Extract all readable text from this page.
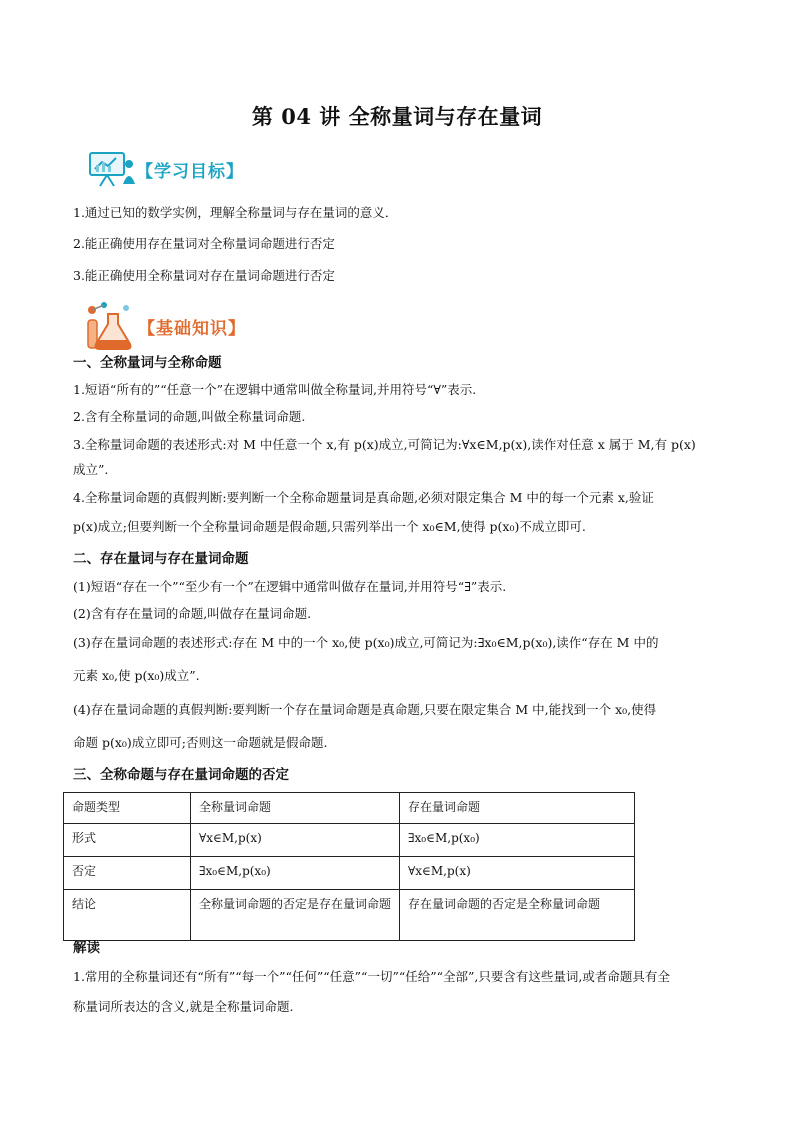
第 04 讲 全称量词与存在量词
【学习目标】
1.通过已知的数学实例，理解全称量词与存在量词的意义．
2.能正确使用存在量词对全称量词命题进行否定
3.能正确使用全称量词对存在量词命题进行否定
【基础知识】
一、全称量词与全称命题
1.短语“所有的”“任意一个”在逻辑中通常叫做全称量词,并用符号“∀”表示.
2.含有全称量词的命题,叫做全称量词命题.
3.全称量词命题的表述形式:对 M 中任意一个 x,有 p(x)成立,可简记为:∀x∈M,p(x),读作对任意 x 属于 M,有 p(x)
成立”.
4.全称量词命题的真假判断:要判断一个全称命题量词是真命题,必须对限定集合 M 中的每一个元素 x,验证
p(x)成立;但要判断一个全称量词命题是假命题,只需列举出一个 x₀∈M,使得 p(x₀)不成立即可.
二、存在量词与存在量词命题
(1)短语“存在一个”“至少有一个”在逻辑中通常叫做存在量词,并用符号“∃”表示.
(2)含有存在量词的命题,叫做存在量词命题.
(3)存在量词命题的表述形式:存在 M 中的一个 x₀,使 p(x₀)成立,可简记为:∃x₀∈M,p(x₀),读作“存在 M 中的
元素 x₀,使 p(x₀)成立”.
(4)存在量词命题的真假判断:要判断一个存在量词命题是真命题,只要在限定集合 M 中,能找到一个 x₀,使得
命题 p(x₀)成立即可;否则这一命题就是假命题.
三、全称命题与存在量词命题的否定
命题类型	全称量词命题	存在量词命题
形式	∀x∈M,p(x)	∃x₀∈M,p(x₀)
否定	∃x₀∈M,p(x₀)	∀x∈M,p(x)
结论	全称量词命题的否定是存在量词命题	存在量词命题的否定是全称量词命题
解读
1.常用的全称量词还有“所有”“每一个”“任何”“任意”“一切”“任给”“全部”,只要含有这些量词,或者命题具有全
称量词所表达的含义,就是全称量词命题.
